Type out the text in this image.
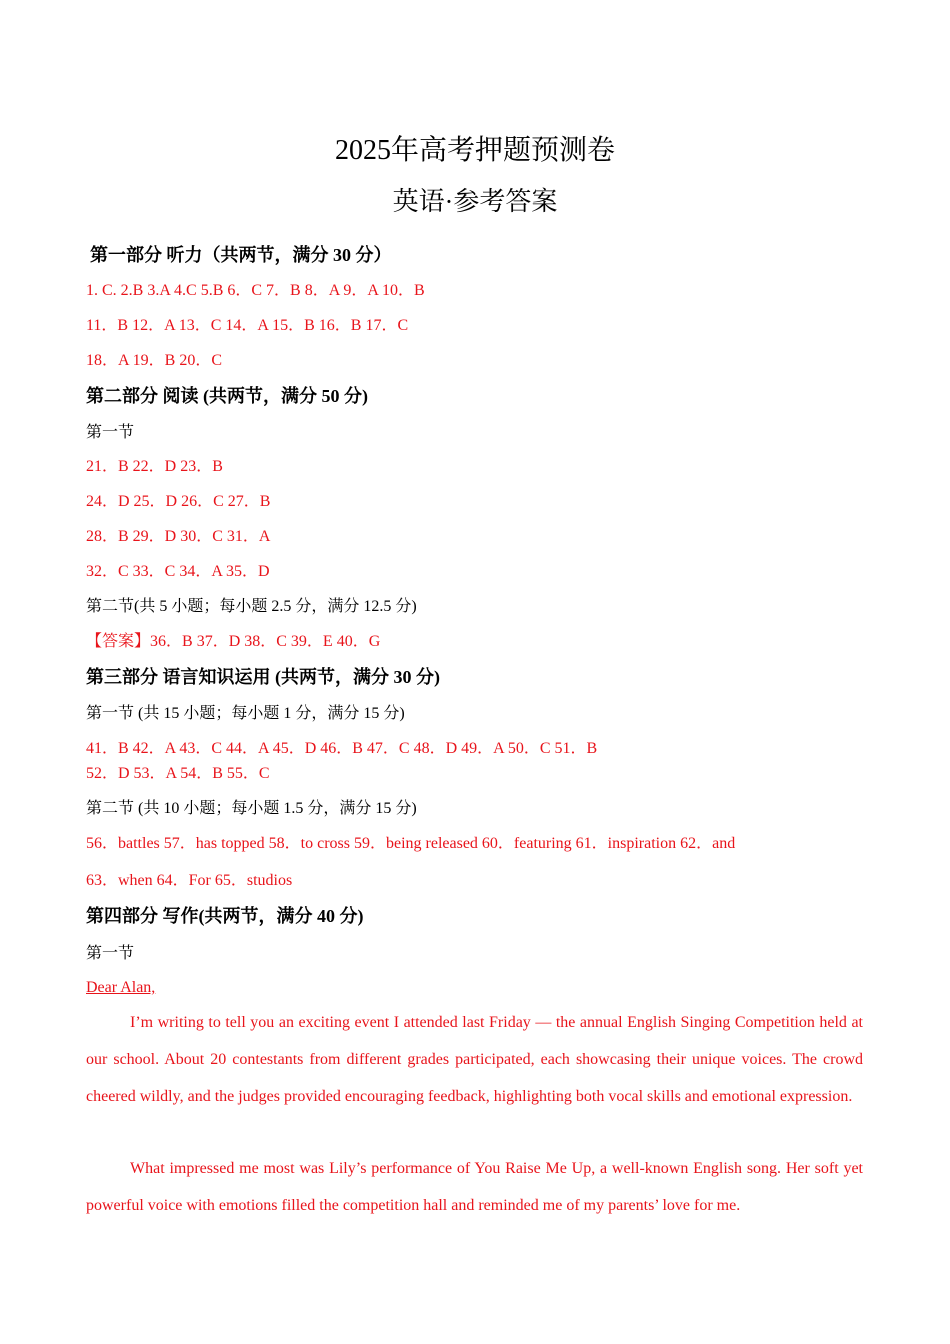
2025年高考押题预测卷
英语·参考答案
第一部分 听力（共两节，满分 30 分）
1. C. 2.B 3.A 4.C 5.B 6．C 7．B 8．A 9．A 10．B
11．B 12．A 13．C 14．A 15．B 16．B 17．C
18．A 19．B 20．C
第二部分 阅读 (共两节，满分 50 分)
第一节
21．B 22．D 23．B
24．D 25．D 26．C 27．B
28．B 29．D 30．C 31．A
32．C 33．C 34．A 35．D
第二节(共 5 小题；每小题 2.5 分，满分 12.5 分)
【答案】36．B 37．D 38．C 39．E 40．G
第三部分 语言知识运用 (共两节，满分 30 分)
第一节 (共 15 小题；每小题 1 分，满分 15 分)
41．B 42．A 43．C 44．A 45．D 46．B 47．C 48．D 49．A 50．C 51．B
52．D 53．A 54．B 55．C
第二节 (共 10 小题；每小题 1.5 分，满分 15 分)
56．battles 57．has topped 58．to cross 59．being released 60．featuring 61．inspiration 62．and
63．when 64．For 65．studios
第四部分 写作(共两节，满分 40 分)
第一节
Dear Alan,
I’m writing to tell you an exciting event I attended last Friday — the annual English Singing Competition held at our school. About 20 contestants from different grades participated, each showcasing their unique voices. The crowd cheered wildly, and the judges provided encouraging feedback, highlighting both vocal skills and emotional expression.
What impressed me most was Lily’s performance of You Raise Me Up, a well-known English song. Her soft yet powerful voice with emotions filled the competition hall and reminded me of my parents’ love for me.
